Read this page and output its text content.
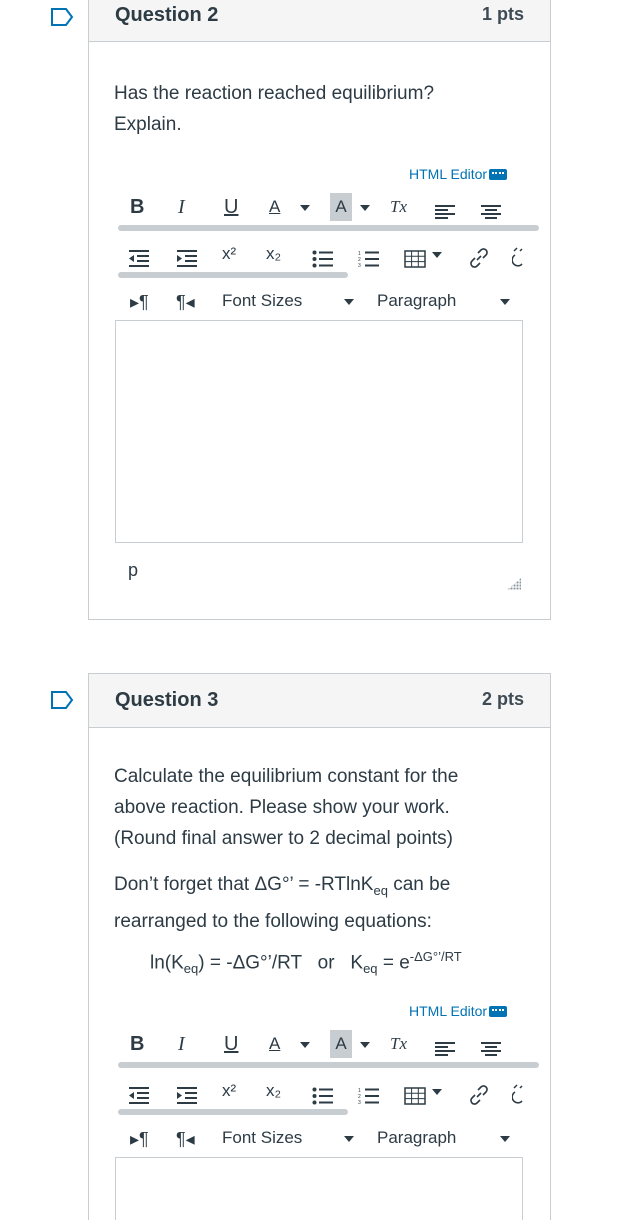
Question 2	1 pts

Has the reaction reached equilibrium?

Explain.

HTML Editor
B I U A	A	Tx
x² x₂	1
2
3
▸ ¶ ¶ ◂ Font Sizes	Paragraph
p
Question 3	2 pts

Calculate the equilibrium constant for the

above reaction. Please show your work.

(Round final answer to 2 decimal points)

Don’t forget that ΔG°’ = -RTlnK$_{eq}$ can be

rearranged to the following equations:

$\ln(K_{eq})$ = -ΔG°’/RT or $K_{eq} = e^{-\Delta G^\circ’/RT}$
HTML Editor
B I U A	A	Tx
x² x₂	1
2
3
▸ ¶ ¶ ◂ Font Sizes	Paragraph
